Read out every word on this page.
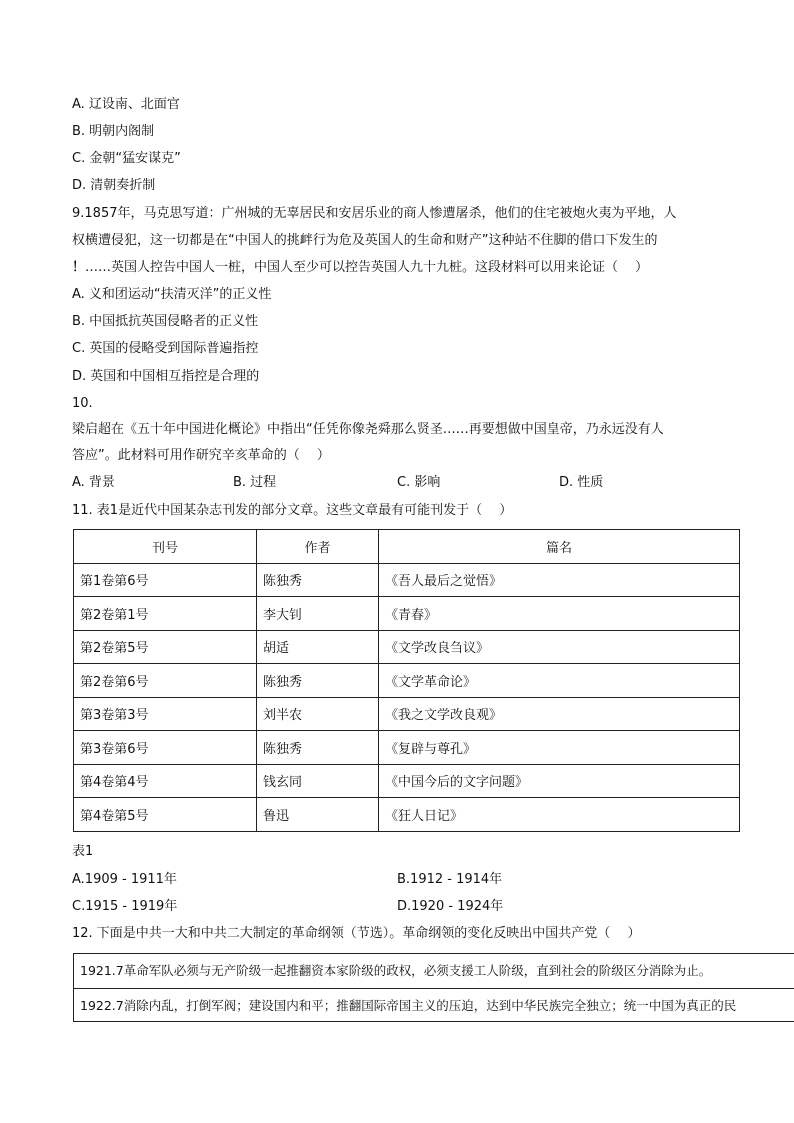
A. 辽设南、北面官
B. 明朝内阁制
C. 金朝“猛安谋克”
D. 清朝奏折制
9.1857年，马克思写道：广州城的无辜居民和安居乐业的商人惨遭屠杀，他们的住宅被炮火夷为平地，人
权横遭侵犯，这一切都是在“中国人的挑衅行为危及英国人的生命和财产”这种站不住脚的借口下发生的
！……英国人控告中国人一桩，中国人至少可以控告英国人九十九桩。这段材料可以用来论证（　 ）
A. 义和团运动“扶清灭洋”的正义性
B. 中国抵抗英国侵略者的正义性
C. 英国的侵略受到国际普遍指控
D. 英国和中国相互指控是合理的
10.
梁启超在《五十年中国进化概论》中指出“任凭你像尧舜那么贤圣……再要想做中国皇帝，乃永远没有人
答应”。此材料可用作研究辛亥革命的（　 ）
A. 背景	B. 过程	C. 影响	D. 性质
11. 表1是近代中国某杂志刊发的部分文章。这些文章最有可能刊发于（　 ）
刊号	作者	篇名
第1卷第6号	陈独秀	《吾人最后之觉悟》
第2卷第1号	李大钊	《青春》
第2卷第5号	胡适	《文学改良刍议》
第2卷第6号	陈独秀	《文学革命论》
第3卷第3号	刘半农	《我之文学改良观》
第3卷第6号	陈独秀	《复辟与尊孔》
第4卷第4号	钱玄同	《中国今后的文字问题》
第4卷第5号	鲁迅	《狂人日记》
表1
A.1909 - 1911年	B.1912 - 1914年
C.1915 - 1919年	D.1920 - 1924年
12. 下面是中共一大和中共二大制定的革命纲领（节选）。革命纲领的变化反映出中国共产党（　 ）
1921.7革命军队必须与无产阶级一起推翻资本家阶级的政权，必须支援工人阶级，直到社会的阶级区分消除为止。
1922.7消除内乱，打倒军阀；建设国内和平；推翻国际帝国主义的压迫，达到中华民族完全独立；统一中国为真正的民
